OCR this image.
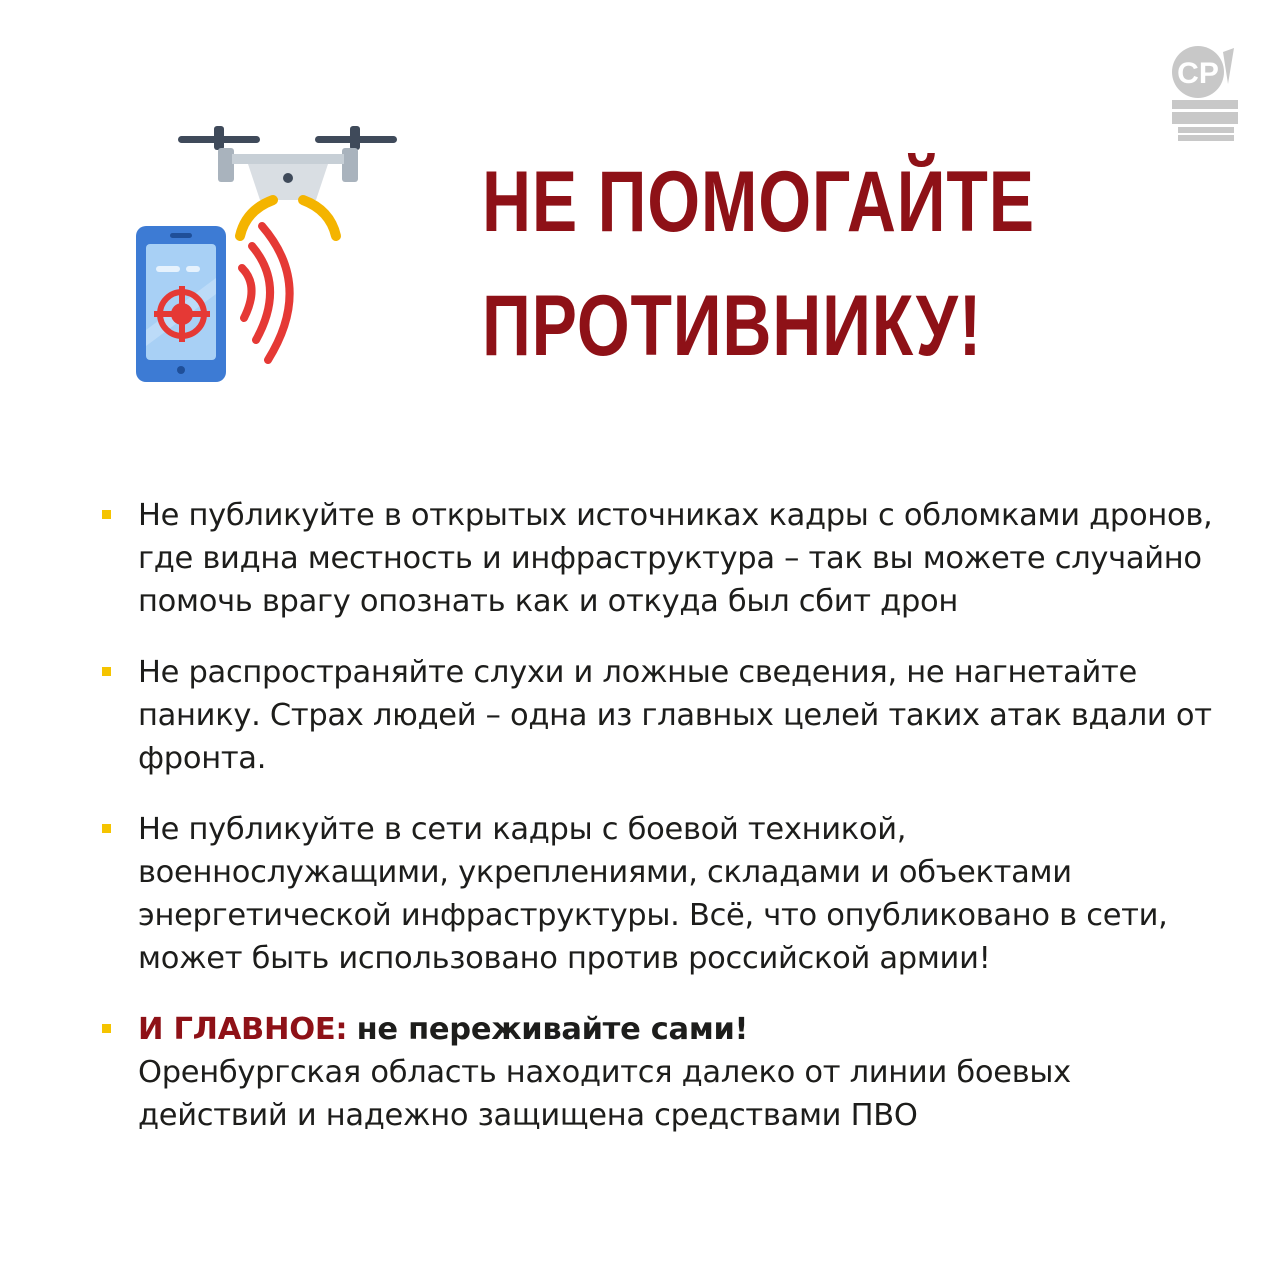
СР
НЕ ПОМОГАЙТЕ
ПРОТИВНИКУ!
Не публикуйте в открытых источниках кадры с обломками дронов, где видна местность и инфраструктура – так вы можете случайно помочь врагу опознать как и откуда был сбит дрон
Не распространяйте слухи и ложные сведения, не нагнетайте панику. Страх людей – одна из главных целей таких атак вдали от фронта.
Не публикуйте в сети кадры с боевой техникой, военнослужащими, укреплениями, складами и объектами энергетической инфраструктуры. Всё, что опубликовано в сети, может быть использовано против российской армии!
И ГЛАВНОЕ: не переживайте сами!
Оренбургская область находится далеко от линии боевых действий и надежно защищена средствами ПВО
